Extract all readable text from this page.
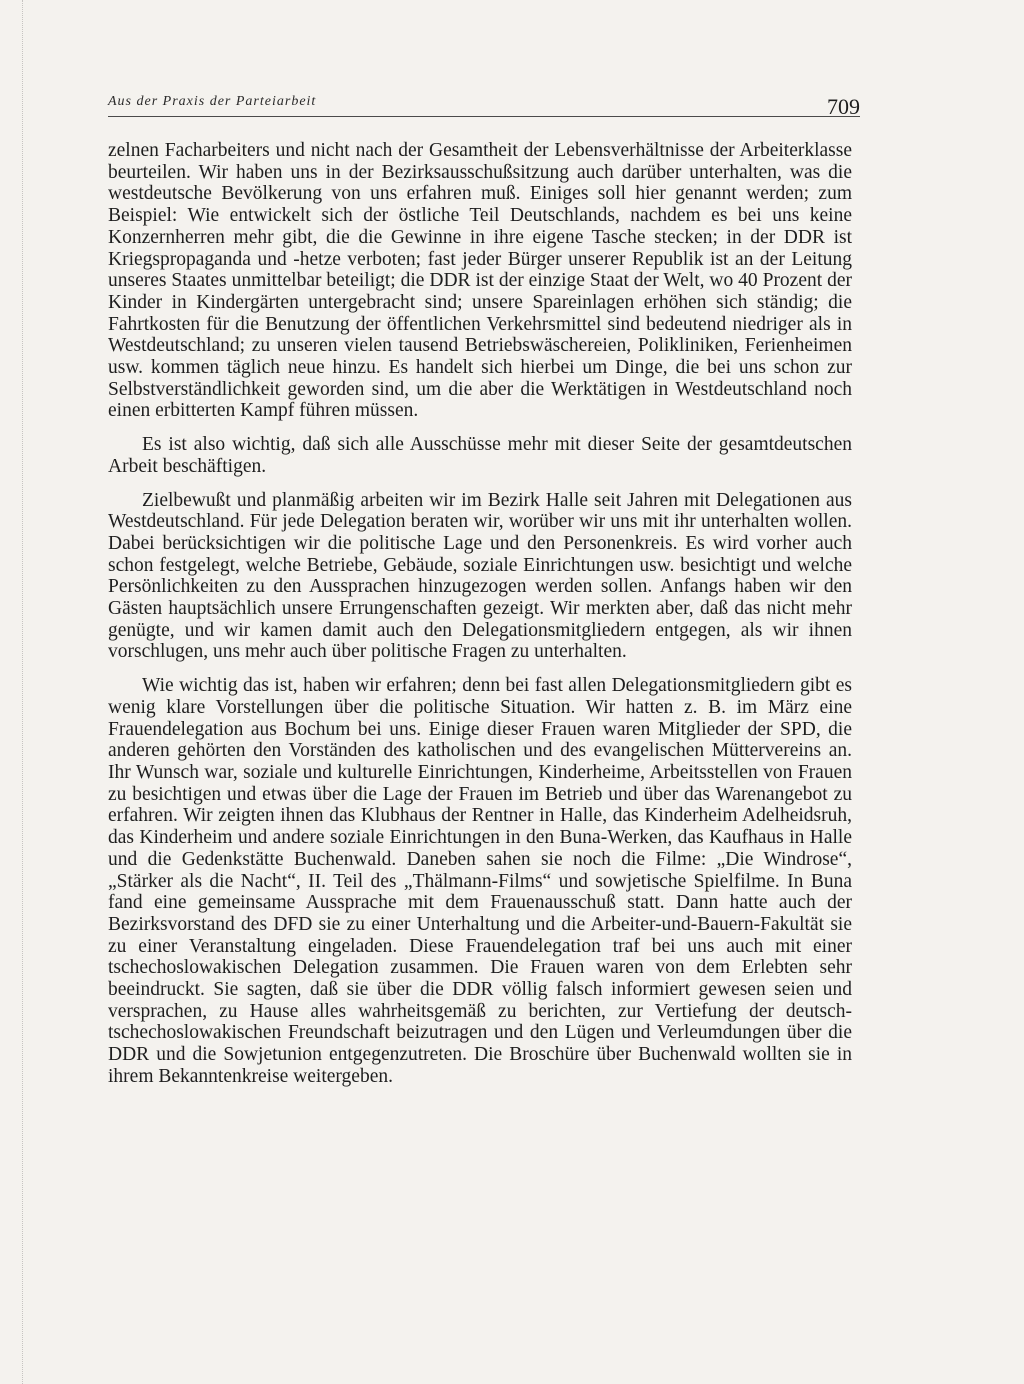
Aus der Praxis der Parteiarbeit	709

zelnen Facharbeiters und nicht nach der Gesamtheit der Lebensverhältnisse der Arbeiterklasse beurteilen. Wir haben uns in der Bezirksausschußsitzung auch darüber unterhalten, was die westdeutsche Bevölkerung von uns erfahren muß. Einiges soll hier genannt werden; zum Beispiel: Wie entwickelt sich der östliche Teil Deutschlands, nachdem es bei uns keine Konzernherren mehr gibt, die die Gewinne in ihre eigene Tasche stecken; in der DDR ist Kriegspropaganda und -hetze verboten; fast jeder Bürger unserer Republik ist an der Leitung unseres Staates unmittelbar beteiligt; die DDR ist der einzige Staat der Welt, wo 40 Prozent der Kinder in Kindergärten untergebracht sind; unsere Spareinlagen erhöhen sich ständig; die Fahrtkosten für die Benutzung der öffentlichen Verkehrsmittel sind bedeutend niedriger als in Westdeutschland; zu unseren vielen tausend Betriebswäschereien, Polikliniken, Ferienheimen usw. kommen täglich neue hinzu. Es handelt sich hierbei um Dinge, die bei uns schon zur Selbstverständlichkeit geworden sind, um die aber die Werktätigen in Westdeutschland noch einen erbitterten Kampf führen müssen.

Es ist also wichtig, daß sich alle Ausschüsse mehr mit dieser Seite der gesamtdeutschen Arbeit beschäftigen.

Zielbewußt und planmäßig arbeiten wir im Bezirk Halle seit Jahren mit Delegationen aus Westdeutschland. Für jede Delegation beraten wir, worüber wir uns mit ihr unterhalten wollen. Dabei berücksichtigen wir die politische Lage und den Personenkreis. Es wird vorher auch schon festgelegt, welche Betriebe, Gebäude, soziale Einrichtungen usw. besichtigt und welche Persönlichkeiten zu den Aussprachen hinzugezogen werden sollen. Anfangs haben wir den Gästen hauptsächlich unsere Errungenschaften gezeigt. Wir merkten aber, daß das nicht mehr genügte, und wir kamen damit auch den Delegationsmitgliedern entgegen, als wir ihnen vorschlugen, uns mehr auch über politische Fragen zu unterhalten.

Wie wichtig das ist, haben wir erfahren; denn bei fast allen Delegationsmitgliedern gibt es wenig klare Vorstellungen über die politische Situation. Wir hatten z. B. im März eine Frauendelegation aus Bochum bei uns. Einige dieser Frauen waren Mitglieder der SPD, die anderen gehörten den Vorständen des katholischen und des evangelischen Müttervereins an. Ihr Wunsch war, soziale und kulturelle Einrichtungen, Kinderheime, Arbeitsstellen von Frauen zu besichtigen und etwas über die Lage der Frauen im Betrieb und über das Warenangebot zu erfahren. Wir zeigten ihnen das Klubhaus der Rentner in Halle, das Kinderheim Adelheidsruh, das Kinderheim und andere soziale Einrichtungen in den Buna-Werken, das Kaufhaus in Halle und die Gedenkstätte Buchenwald. Daneben sahen sie noch die Filme: „Die Windrose“, „Stärker als die Nacht“, II. Teil des „Thälmann-Films“ und sowjetische Spielfilme. In Buna fand eine gemeinsame Aussprache mit dem Frauenausschuß statt. Dann hatte auch der Bezirksvorstand des DFD sie zu einer Unterhaltung und die Arbeiter-und-Bauern-Fakultät sie zu einer Veranstaltung eingeladen. Diese Frauendelegation traf bei uns auch mit einer tschechoslowakischen Delegation zusammen. Die Frauen waren von dem Erlebten sehr beeindruckt. Sie sagten, daß sie über die DDR völlig falsch informiert gewesen seien und versprachen, zu Hause alles wahrheitsgemäß zu berichten, zur Vertiefung der deutsch-tschechoslowakischen Freundschaft beizutragen und den Lügen und Verleumdungen über die DDR und die Sowjetunion entgegenzutreten. Die Broschüre über Buchenwald wollten sie in ihrem Bekanntenkreise weitergeben.
